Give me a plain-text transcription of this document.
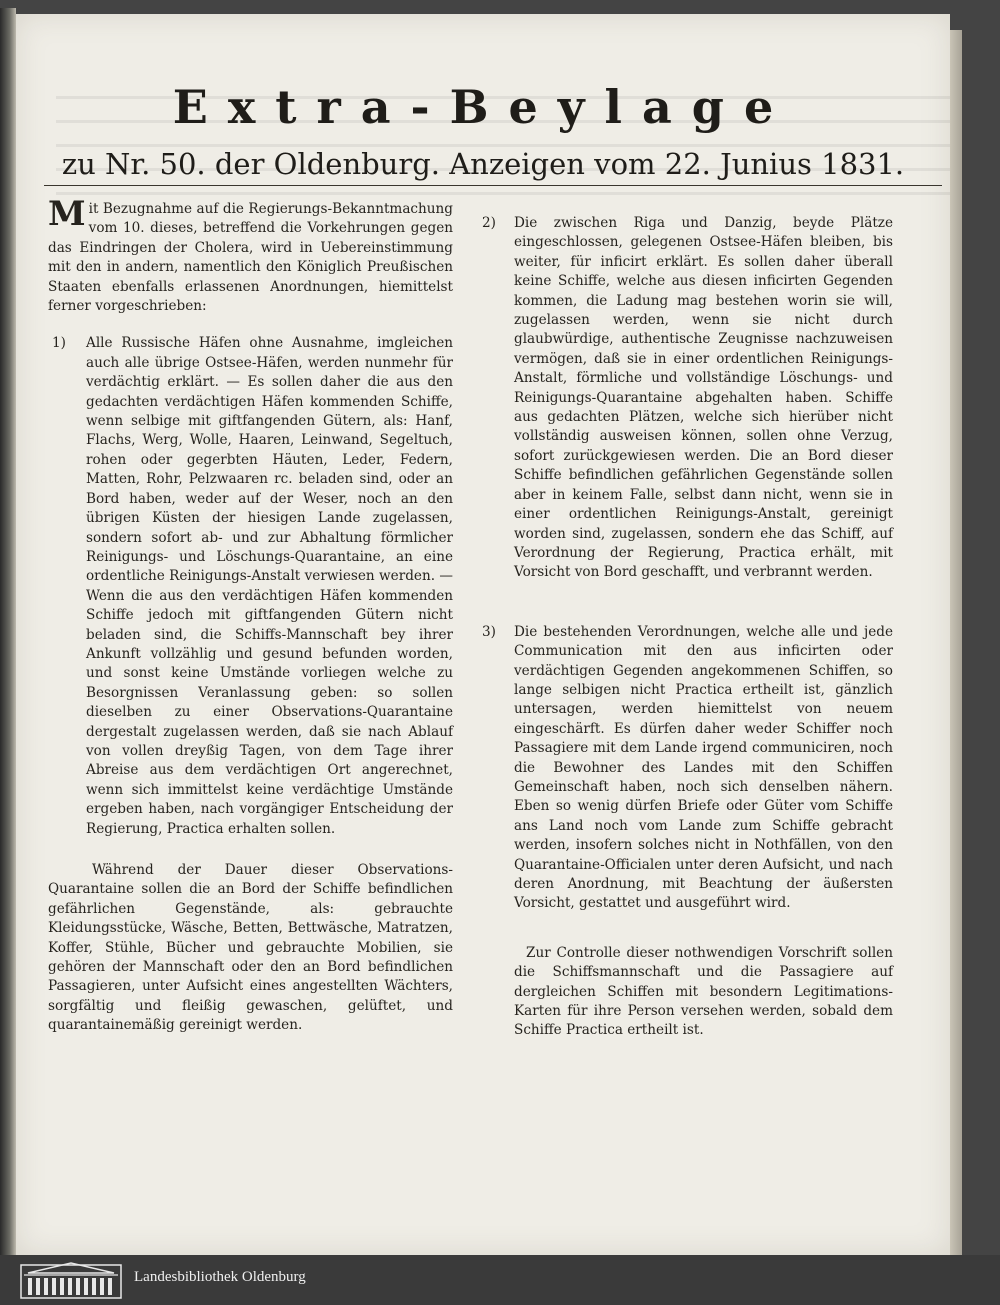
Extra-Beylage
zu Nr. 50. der Oldenburg. Anzeigen vom 22. Junius 1831.

Mit Bezugnahme auf die Regierungs-Bekanntmachung vom 10. dieses, betreffend die Vorkehrungen gegen das Eindringen der Cholera, wird in Uebereinstimmung mit den in andern, namentlich den Königlich Preußischen Staaten ebenfalls erlassenen Anordnungen, hiemittelst ferner vorgeschrieben:

1) Alle Russische Häfen ohne Ausnahme, imgleichen auch alle übrige Ostsee-Häfen, werden nunmehr für verdächtig erklärt. — Es sollen daher die aus den gedachten verdächtigen Häfen kommenden Schiffe, wenn selbige mit giftfangenden Gütern, als: Hanf, Flachs, Werg, Wolle, Haaren, Leinwand, Segeltuch, rohen oder gegerbten Häuten, Leder, Federn, Matten, Rohr, Pelzwaaren rc. beladen sind, oder an Bord haben, weder auf der Weser, noch an den übrigen Küsten der hiesigen Lande zugelassen, sondern sofort ab- und zur Abhaltung förmlicher Reinigungs- und Löschungs-Quarantaine, an eine ordentliche Reinigungs-Anstalt verwiesen werden. — Wenn die aus den verdächtigen Häfen kommenden Schiffe jedoch mit giftfangenden Gütern nicht beladen sind, die Schiffs-Mannschaft bey ihrer Ankunft vollzählig und gesund befunden worden, und sonst keine Umstände vorliegen welche zu Besorgnissen Veranlassung geben: so sollen dieselben zu einer Observations-Quarantaine dergestalt zugelassen werden, daß sie nach Ablauf von vollen dreyßig Tagen, von dem Tage ihrer Abreise aus dem verdächtigen Ort angerechnet, wenn sich immittelst keine verdächtige Umstände ergeben haben, nach vorgängiger Entscheidung der Regierung, Practica erhalten sollen.

Während der Dauer dieser Observations-Quarantaine sollen die an Bord der Schiffe befindlichen gefährlichen Gegenstände, als: gebrauchte Kleidungsstücke, Wäsche, Betten, Bettwäsche, Matratzen, Koffer, Stühle, Bücher und gebrauchte Mobilien, sie gehören der Mannschaft oder den an Bord befindlichen Passagieren, unter Aufsicht eines angestellten Wächters, sorgfältig und fleißig gewaschen, gelüftet, und quarantainemäßig gereinigt werden.

2) Die zwischen Riga und Danzig, beyde Plätze eingeschlossen, gelegenen Ostsee-Häfen bleiben, bis weiter, für inficirt erklärt. Es sollen daher überall keine Schiffe, welche aus diesen inficirten Gegenden kommen, die Ladung mag bestehen worin sie will, zugelassen werden, wenn sie nicht durch glaubwürdige, authentische Zeugnisse nachzuweisen vermögen, daß sie in einer ordentlichen Reinigungs-Anstalt, förmliche und vollständige Löschungs- und Reinigungs-Quarantaine abgehalten haben. Schiffe aus gedachten Plätzen, welche sich hierüber nicht vollständig ausweisen können, sollen ohne Verzug, sofort zurückgewiesen werden. Die an Bord dieser Schiffe befindlichen gefährlichen Gegenstände sollen aber in keinem Falle, selbst dann nicht, wenn sie in einer ordentlichen Reinigungs-Anstalt, gereinigt worden sind, zugelassen, sondern ehe das Schiff, auf Verordnung der Regierung, Practica erhält, mit Vorsicht von Bord geschafft, und verbrannt werden.

3) Die bestehenden Verordnungen, welche alle und jede Communication mit den aus inficirten oder verdächtigen Gegenden angekommenen Schiffen, so lange selbigen nicht Practica ertheilt ist, gänzlich untersagen, werden hiemittelst von neuem eingeschärft. Es dürfen daher weder Schiffer noch Passagiere mit dem Lande irgend communiciren, noch die Bewohner des Landes mit den Schiffen Gemeinschaft haben, noch sich denselben nähern. Eben so wenig dürfen Briefe oder Güter vom Schiffe ans Land noch vom Lande zum Schiffe gebracht werden, insofern solches nicht in Nothfällen, von den Quarantaine-Officialen unter deren Aufsicht, und nach deren Anordnung, mit Beachtung der äußersten Vorsicht, gestattet und ausgeführt wird.

Zur Controlle dieser nothwendigen Vorschrift sollen die Schiffsmannschaft und die Passagiere auf dergleichen Schiffen mit besondern Legitimations-Karten für ihre Person versehen werden, sobald dem Schiffe Practica ertheilt ist.

Landesbibliothek Oldenburg
